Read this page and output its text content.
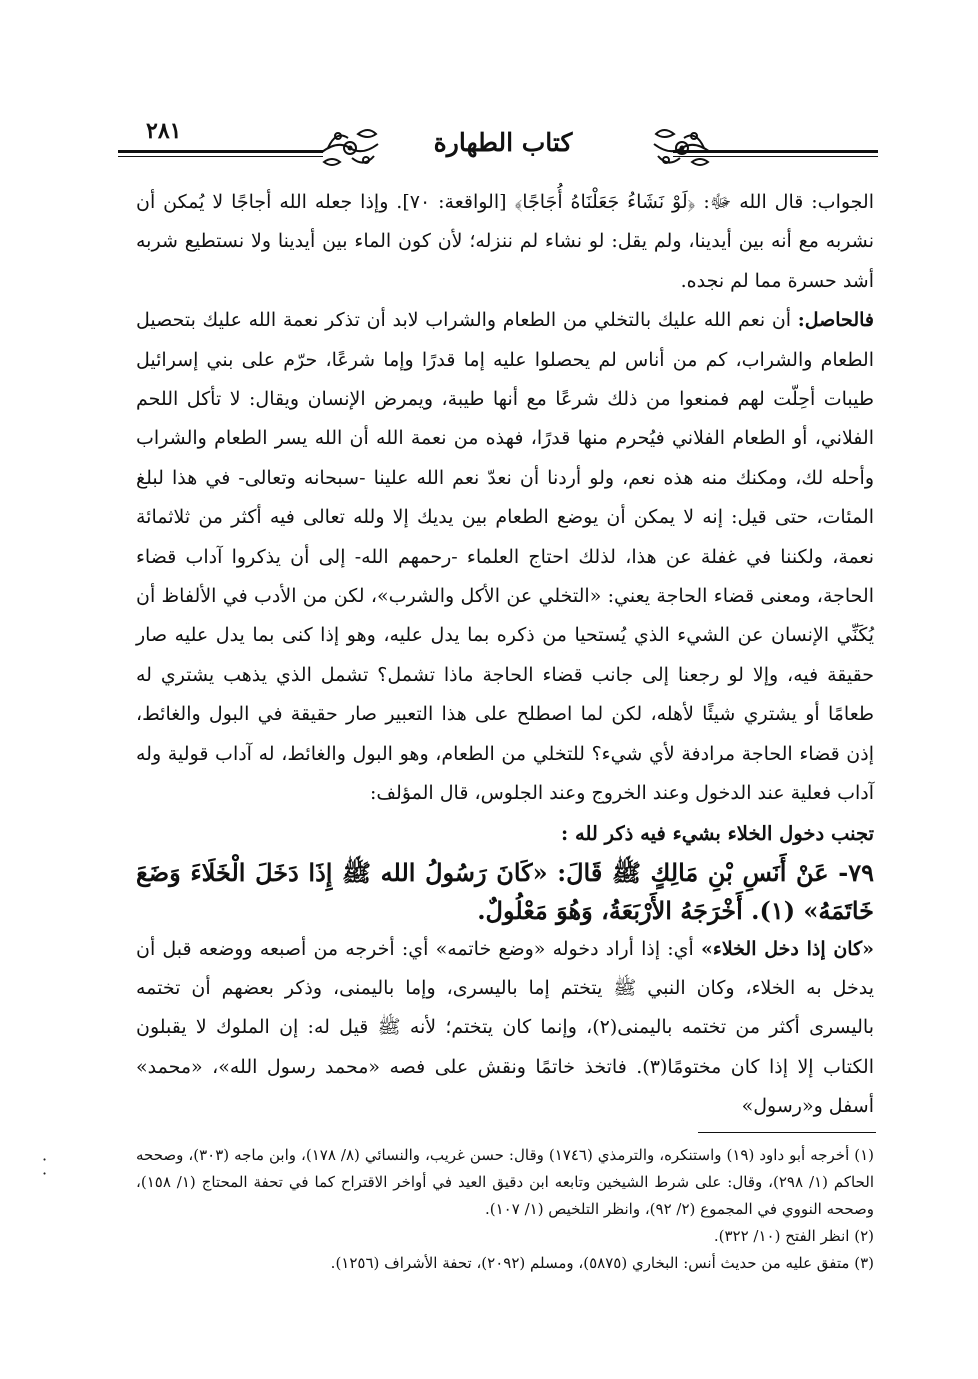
٢٨١	كتاب الطهارة

الجواب: قال الله ﷻ: ﴿لَوْ نَشَاءُ جَعَلْنَاهُ أُجَاجًا﴾ [الواقعة: ٧٠]. وإذا جعله الله أجاجًا لا يُمكن أن نشربه مع أنه بين أيدينا، ولم يقل: لو نشاء لم ننزله؛ لأن كون الماء بين أيدينا ولا نستطيع شربه أشد حسرة مما لم نجده.

فالحاصل: أن نعم الله عليك بالتخلي من الطعام والشراب لابد أن تذكر نعمة الله عليك بتحصيل الطعام والشراب، كم من أناس لم يحصلوا عليه إما قدرًا وإما شرعًا، حرّم على بني إسرائيل طيبات أحِلّت لهم فمنعوا من ذلك شرعًا مع أنها طيبة، ويمرض الإنسان ويقال: لا تأكل اللحم الفلاني، أو الطعام الفلاني فيُحرم منها قدرًا، فهذه من نعمة الله أن الله يسر الطعام والشراب وأحله لك، ومكنك منه هذه نعم، ولو أردنا أن نعدّ نعم الله علينا -سبحانه وتعالى- في هذا لبلغ المئات، حتى قيل: إنه لا يمكن أن يوضع الطعام بين يديك إلا ولله تعالى فيه أكثر من ثلاثمائة نعمة، ولكننا في غفلة عن هذا، لذلك احتاج العلماء -رحمهم الله- إلى أن يذكروا آداب قضاء الحاجة، ومعنى قضاء الحاجة يعني: «التخلي عن الأكل والشرب»، لكن من الأدب في الألفاظ أن يُكَنِّي الإنسان عن الشيء الذي يُستحيا من ذكره بما يدل عليه، وهو إذا كنى بما يدل عليه صار حقيقة فيه، وإلا لو رجعنا إلى جانب قضاء الحاجة ماذا تشمل؟ تشمل الذي يذهب يشتري له طعامًا أو يشتري شيئًا لأهله، لكن لما اصطلح على هذا التعبير صار حقيقة في البول والغائط، إذن قضاء الحاجة مرادفة لأي شيء؟ للتخلي من الطعام، وهو البول والغائط، له آداب قولية وله آداب فعلية عند الدخول وعند الخروج وعند الجلوس، قال المؤلف:

تجنب دخول الخلاء بشيء فيه ذكر لله :

٧٩- عَنْ أَنَسِ بْنِ مَالِكٍ ﷺ قَالَ: «كَانَ رَسُولُ الله ﷺ إِذَا دَخَلَ الْخَلَاءَ وَضَعَ خَاتَمَهُ» (١). أَخْرَجَهُ الأَرْبَعَةُ، وَهُوَ مَعْلُولٌ.

«كان إذا دخل الخلاء» أي: إذا أراد دخوله «وضع خاتمه» أي: أخرجه من أصبعه ووضعه قبل أن يدخل به الخلاء، وكان النبي ﷺ يتختم إما باليسرى، وإما باليمنى، وذكر بعضهم أن تختمه باليسرى أكثر من تختمه باليمنى(٢)، وإنما كان يتختم؛ لأنه ﷺ قيل له: إن الملوك لا يقبلون الكتاب إلا إذا كان مختومًا(٣). فاتخذ خاتمًا ونقش على فصه «محمد رسول الله»، «محمد» أسفل و«رسول»

(١) أخرجه أبو داود (١٩) واستنكره، والترمذي (١٧٤٦) وقال: حسن غريب، والنسائي (٨/ ١٧٨)، وابن ماجه (٣٠٣)، وصححه الحاكم (١/ ٢٩٨)، وقال: على شرط الشيخين وتابعه ابن دقيق العيد في أواخر الاقتراح كما في تحفة المحتاج (١/ ١٥٨)، وصححه النووي في المجموع (٢/ ٩٢)، وانظر التلخيص (١/ ١٠٧).

(٢) انظر الفتح (١٠/ ٣٢٢).

(٣) متفق عليه من حديث أنس: البخاري (٥٨٧٥)، ومسلم (٢٠٩٢)، تحفة الأشراف (١٢٥٦).

·
·
